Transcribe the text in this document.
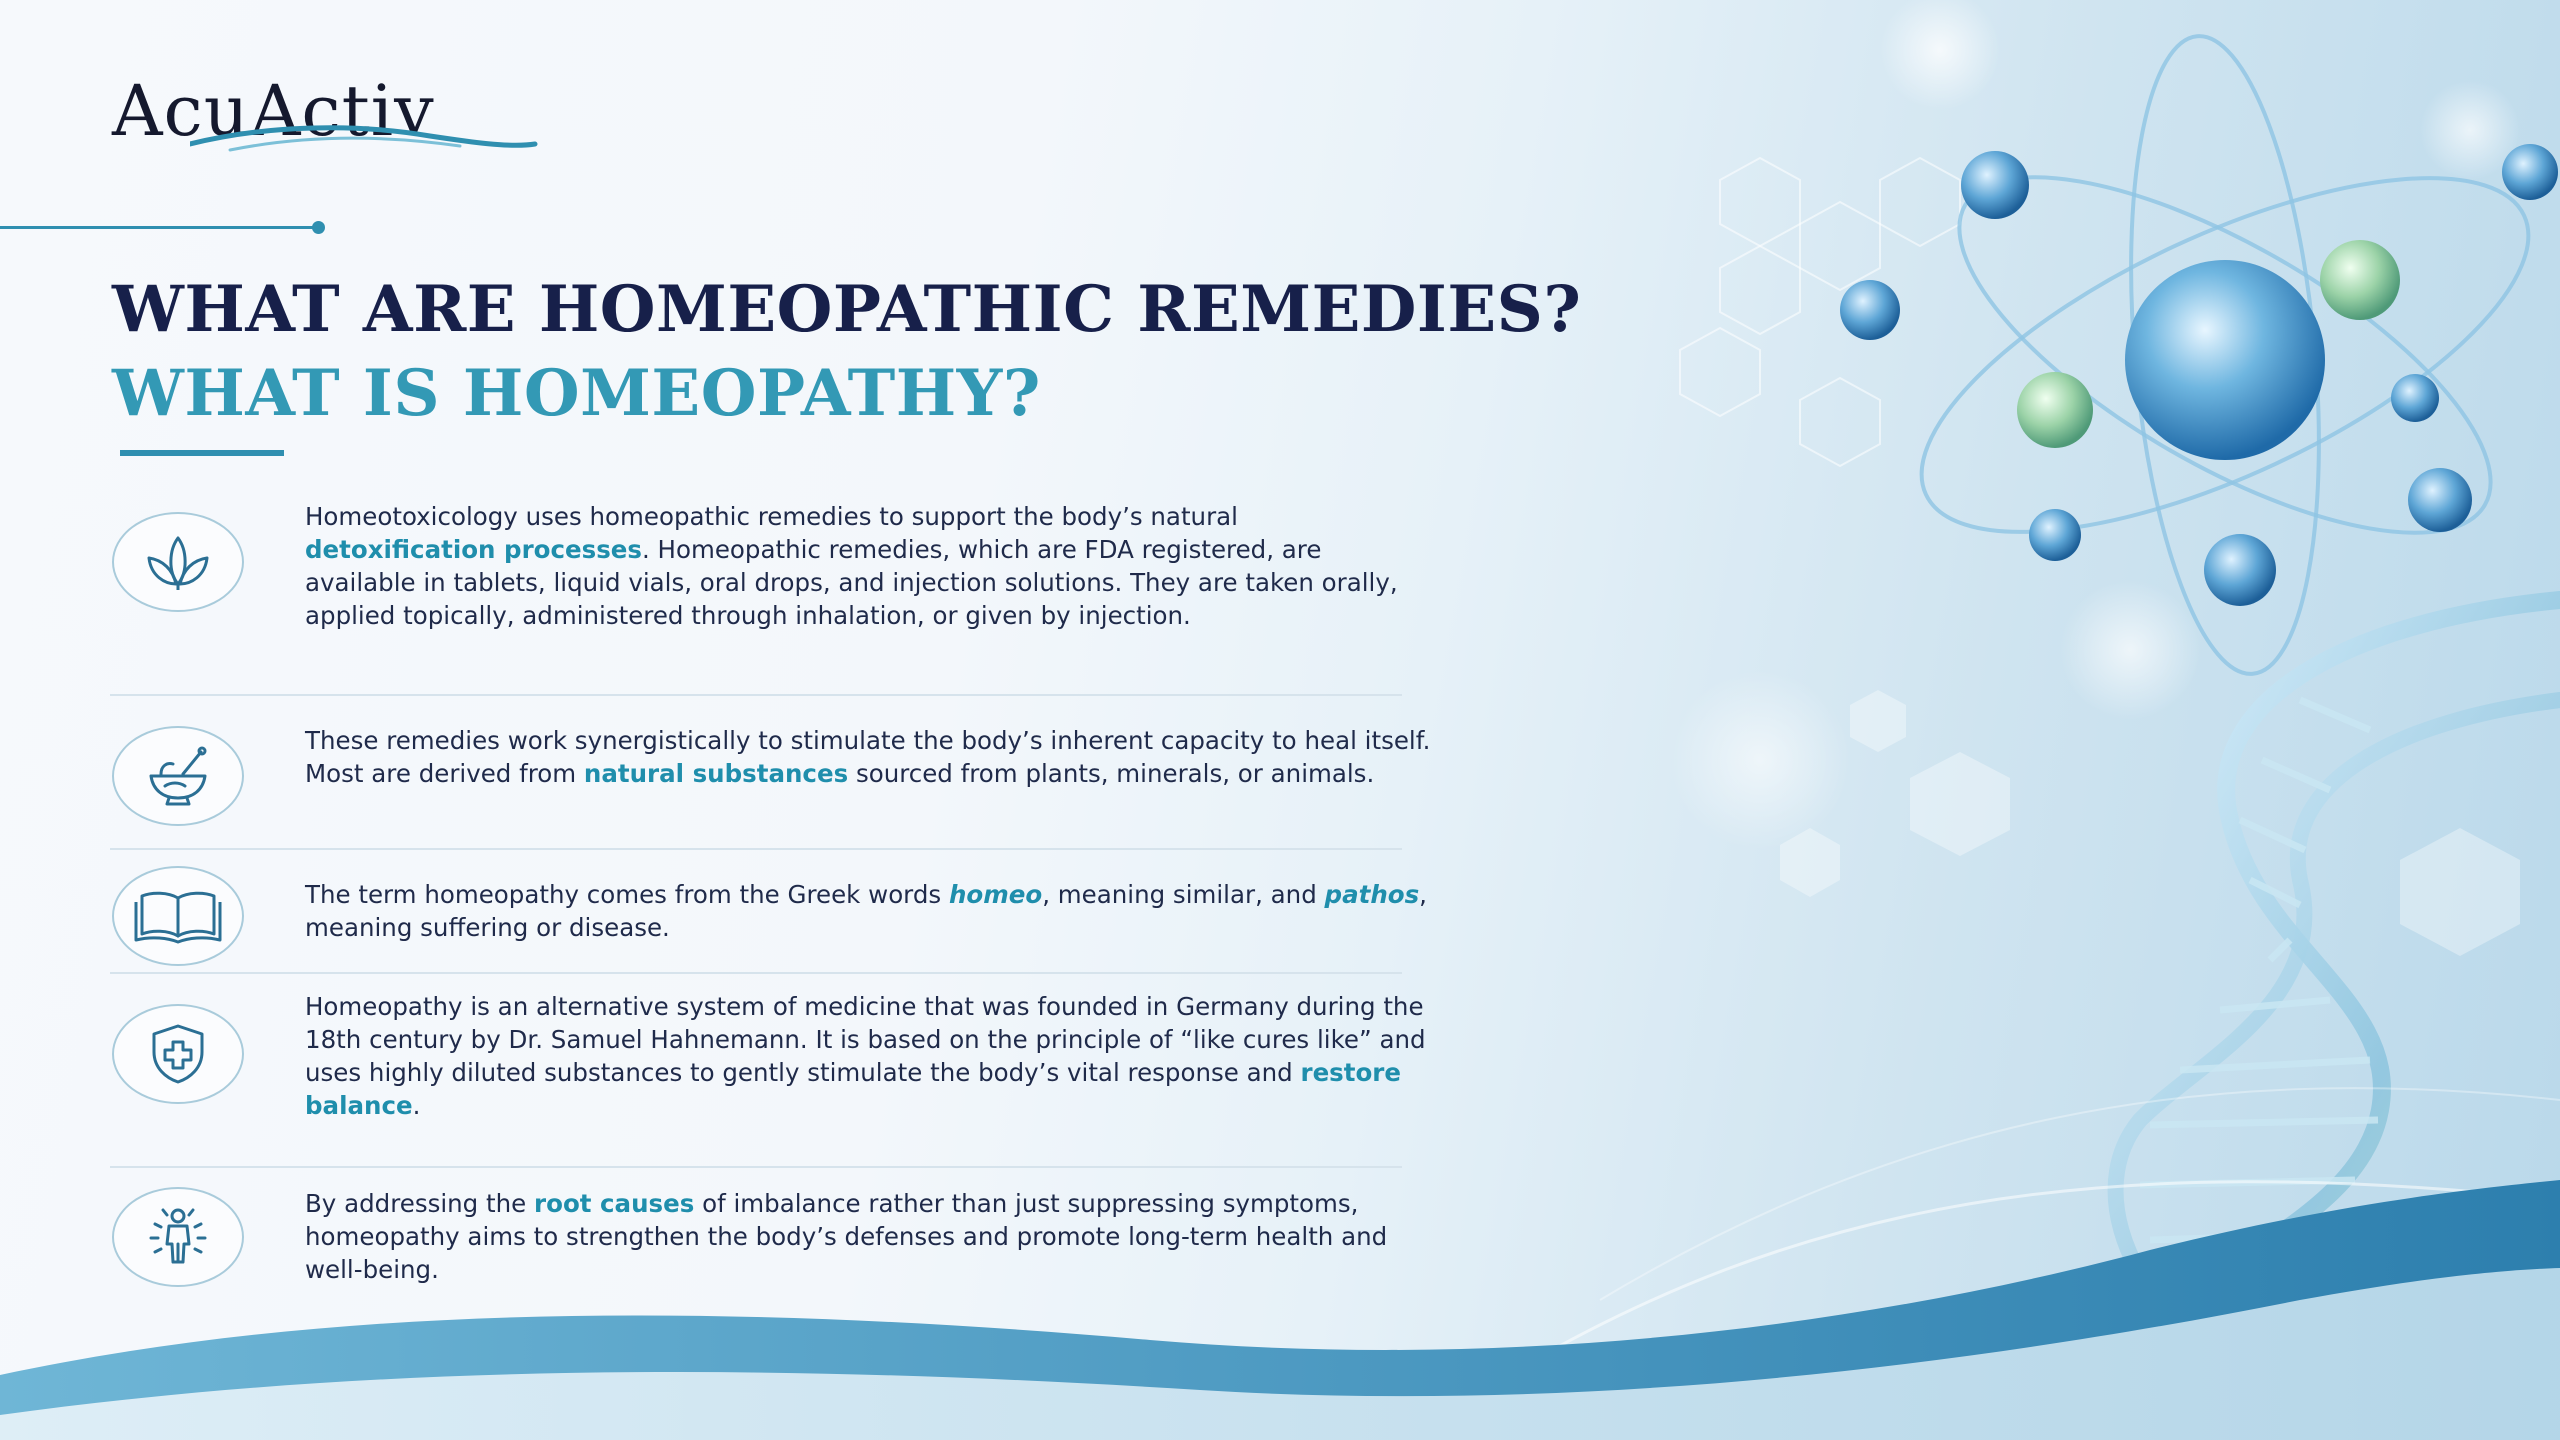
AcuActiv
WHAT ARE HOMEOPATHIC REMEDIES?
WHAT IS HOMEOPATHY?

Homeotoxicology uses homeopathic remedies to support the body’s natural detoxification processes. Homeopathic remedies, which are FDA registered, are available in tablets, liquid vials, oral drops, and injection solutions. They are taken orally, applied topically, administered through inhalation, or given by injection.

These remedies work synergistically to stimulate the body’s inherent capacity to heal itself. Most are derived from natural substances sourced from plants, minerals, or animals.

The term homeopathy comes from the Greek words homeo, meaning similar, and pathos, meaning suffering or disease.

Homeopathy is an alternative system of medicine that was founded in Germany during the 18th century by Dr. Samuel Hahnemann. It is based on the principle of “like cures like” and uses highly diluted substances to gently stimulate the body’s vital response and restore balance.

By addressing the root causes of imbalance rather than just suppressing symptoms, homeopathy aims to strengthen the body’s defenses and promote long-term health and well-being.
